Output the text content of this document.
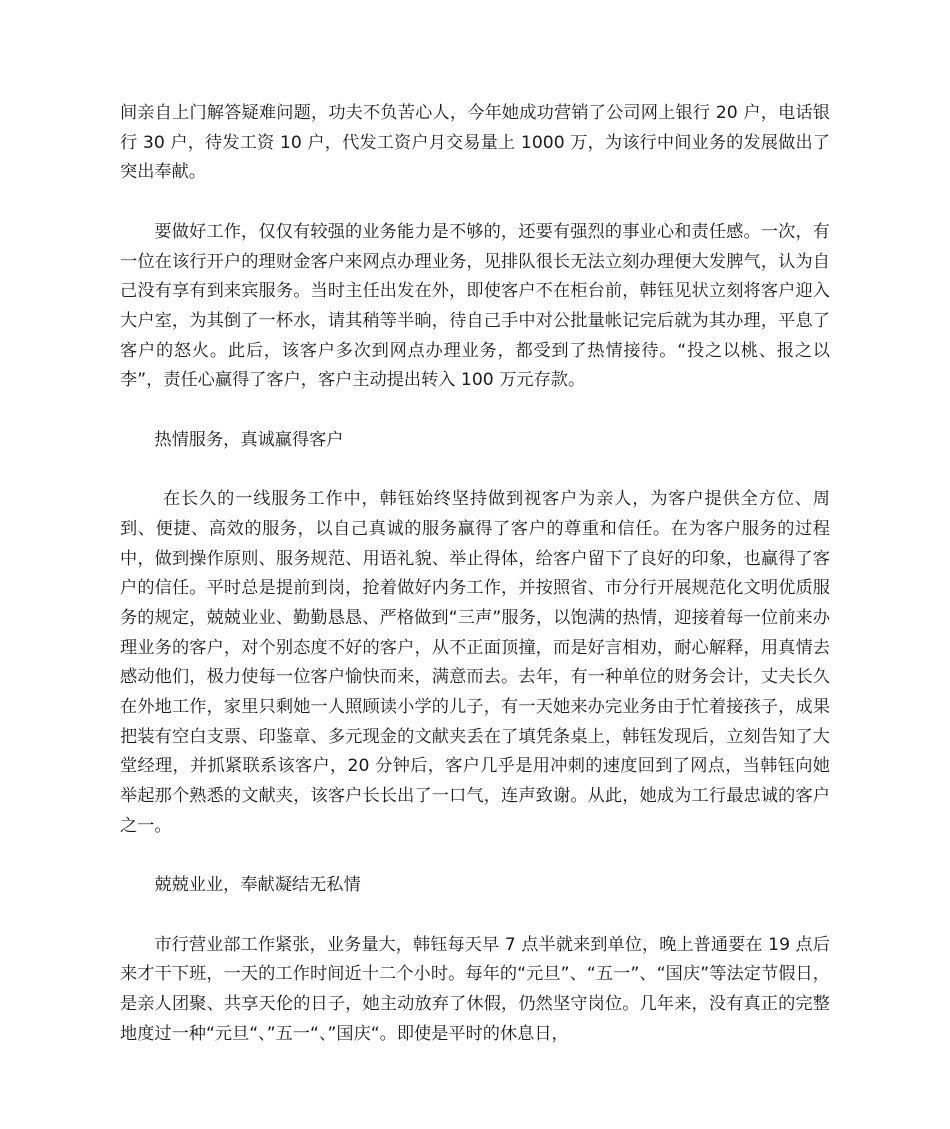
间亲自上门解答疑难问题，功夫不负苦心人，今年她成功营销了公司网上银行 20 户，电话银行 30 户，待发工资 10 户，代发工资户月交易量上 1000 万，为该行中间业务的发展做出了突出奉献。

要做好工作，仅仅有较强的业务能力是不够的，还要有强烈的事业心和责任感。一次，有一位在该行开户的理财金客户来网点办理业务，见排队很长无法立刻办理便大发脾气，认为自己没有享有到来宾服务。当时主任出发在外，即使客户不在柜台前，韩钰见状立刻将客户迎入大户室，为其倒了一杯水，请其稍等半晌，待自己手中对公批量帐记完后就为其办理，平息了客户的怒火。此后，该客户多次到网点办理业务，都受到了热情接待。“投之以桃、报之以李”，责任心赢得了客户，客户主动提出转入 100 万元存款。

热情服务，真诚赢得客户

在长久的一线服务工作中，韩钰始终坚持做到视客户为亲人，为客户提供全方位、周到、便捷、高效的服务，以自己真诚的服务赢得了客户的尊重和信任。在为客户服务的过程中，做到操作原则、服务规范、用语礼貌、举止得体，给客户留下了良好的印象，也赢得了客户的信任。平时总是提前到岗，抢着做好内务工作，并按照省、市分行开展规范化文明优质服务的规定，兢兢业业、勤勤恳恳、严格做到“三声”服务，以饱满的热情，迎接着每一位前来办理业务的客户，对个别态度不好的客户，从不正面顶撞，而是好言相劝，耐心解释，用真情去感动他们，极力使每一位客户愉快而来，满意而去。去年，有一种单位的财务会计，丈夫长久在外地工作，家里只剩她一人照顾读小学的儿子，有一天她来办完业务由于忙着接孩子，成果把装有空白支票、印鉴章、多元现金的文献夹丢在了填凭条桌上，韩钰发现后，立刻告知了大堂经理，并抓紧联系该客户，20 分钟后，客户几乎是用冲刺的速度回到了网点，当韩钰向她举起那个熟悉的文献夹，该客户长长出了一口气，连声致谢。从此，她成为工行最忠诚的客户之一。

兢兢业业，奉献凝结无私情

市行营业部工作紧张，业务量大，韩钰每天早 7 点半就来到单位，晚上普通要在 19 点后来才干下班，一天的工作时间近十二个小时。每年的“元旦”、“五一”、“国庆”等法定节假日，是亲人团聚、共享天伦的日子，她主动放弃了休假，仍然坚守岗位。几年来，没有真正的完整地度过一种“元旦“、”五一“、”国庆“。即使是平时的休息日，
